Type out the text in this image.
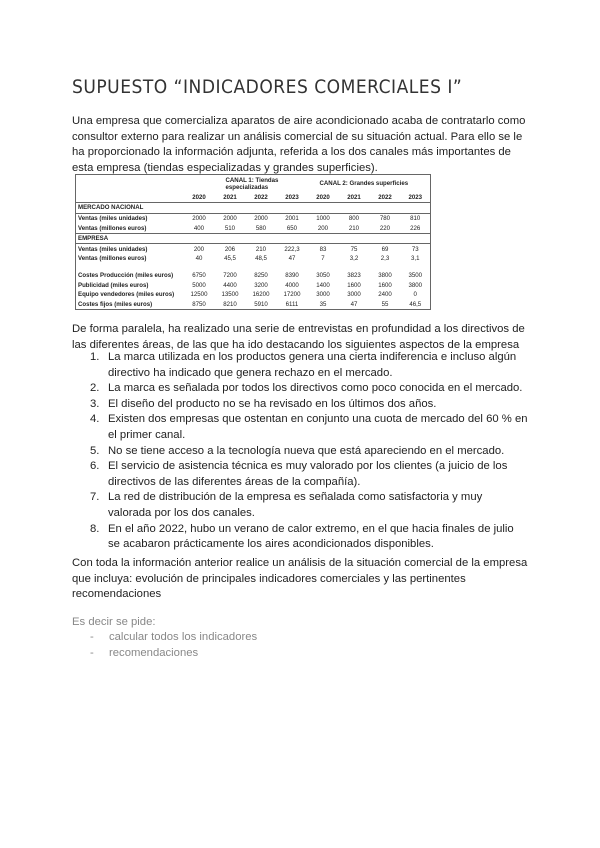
SUPUESTO “INDICADORES COMERCIALES I”

Una empresa que comercializa aparatos de aire acondicionado acaba de contratarlo como consultor externo para realizar un análisis comercial de su situación actual. Para ello se le ha proporcionado la información adjunta, referida a los dos canales más importantes de esta empresa (tiendas especializadas y grandes superficies).

	CANAL 1: Tiendas especializadas				CANAL 2: Grandes superficies			
	2020	2021	2022	2023	2020	2021	2022	2023
MERCADO NACIONAL								
Ventas (miles unidades)	2000	2000	2000	2001	1000	800	780	810
Ventas (millones euros)	400	510	580	650	200	210	220	226
EMPRESA								
Ventas (miles unidades)	200	206	210	222,3	83	75	69	73
Ventas (millones euros)	40	45,5	48,5	47	7	3,2	2,3	3,1

Costes Producción (miles euros)	6750	7200	8250	8390	3050	3823	3800	3500
Publicidad (miles euros)	5000	4400	3200	4000	1400	1600	1600	3800
Equipo vendedores (miles euros)	12500	13500	16200	17200	3000	3000	2400	0
Costes fijos (miles euros)	8750	8210	5910	6111	35	47	55	46,5

De forma paralela, ha realizado una serie de entrevistas en profundidad a los directivos de las diferentes áreas, de las que ha ido destacando los siguientes aspectos de la empresa

1. La marca utilizada en los productos genera una cierta indiferencia e incluso algún directivo ha indicado que genera rechazo en el mercado.
2. La marca es señalada por todos los directivos como poco conocida en el mercado.
3. El diseño del producto no se ha revisado en los últimos dos años.
4. Existen dos empresas que ostentan en conjunto una cuota de mercado del 60 % en el primer canal.
5. No se tiene acceso a la tecnología nueva que está apareciendo en el mercado.
6. El servicio de asistencia técnica es muy valorado por los clientes (a juicio de los directivos de las diferentes áreas de la compañía).
7. La red de distribución de la empresa es señalada como satisfactoria y muy valorada por los dos canales.
8. En el año 2022, hubo un verano de calor extremo, en el que hacia finales de julio se acabaron prácticamente los aires acondicionados disponibles.

Con toda la información anterior realice un análisis de la situación comercial de la empresa que incluya: evolución de principales indicadores comerciales y las pertinentes recomendaciones

Es decir se pide:
- calcular todos los indicadores
- recomendaciones
